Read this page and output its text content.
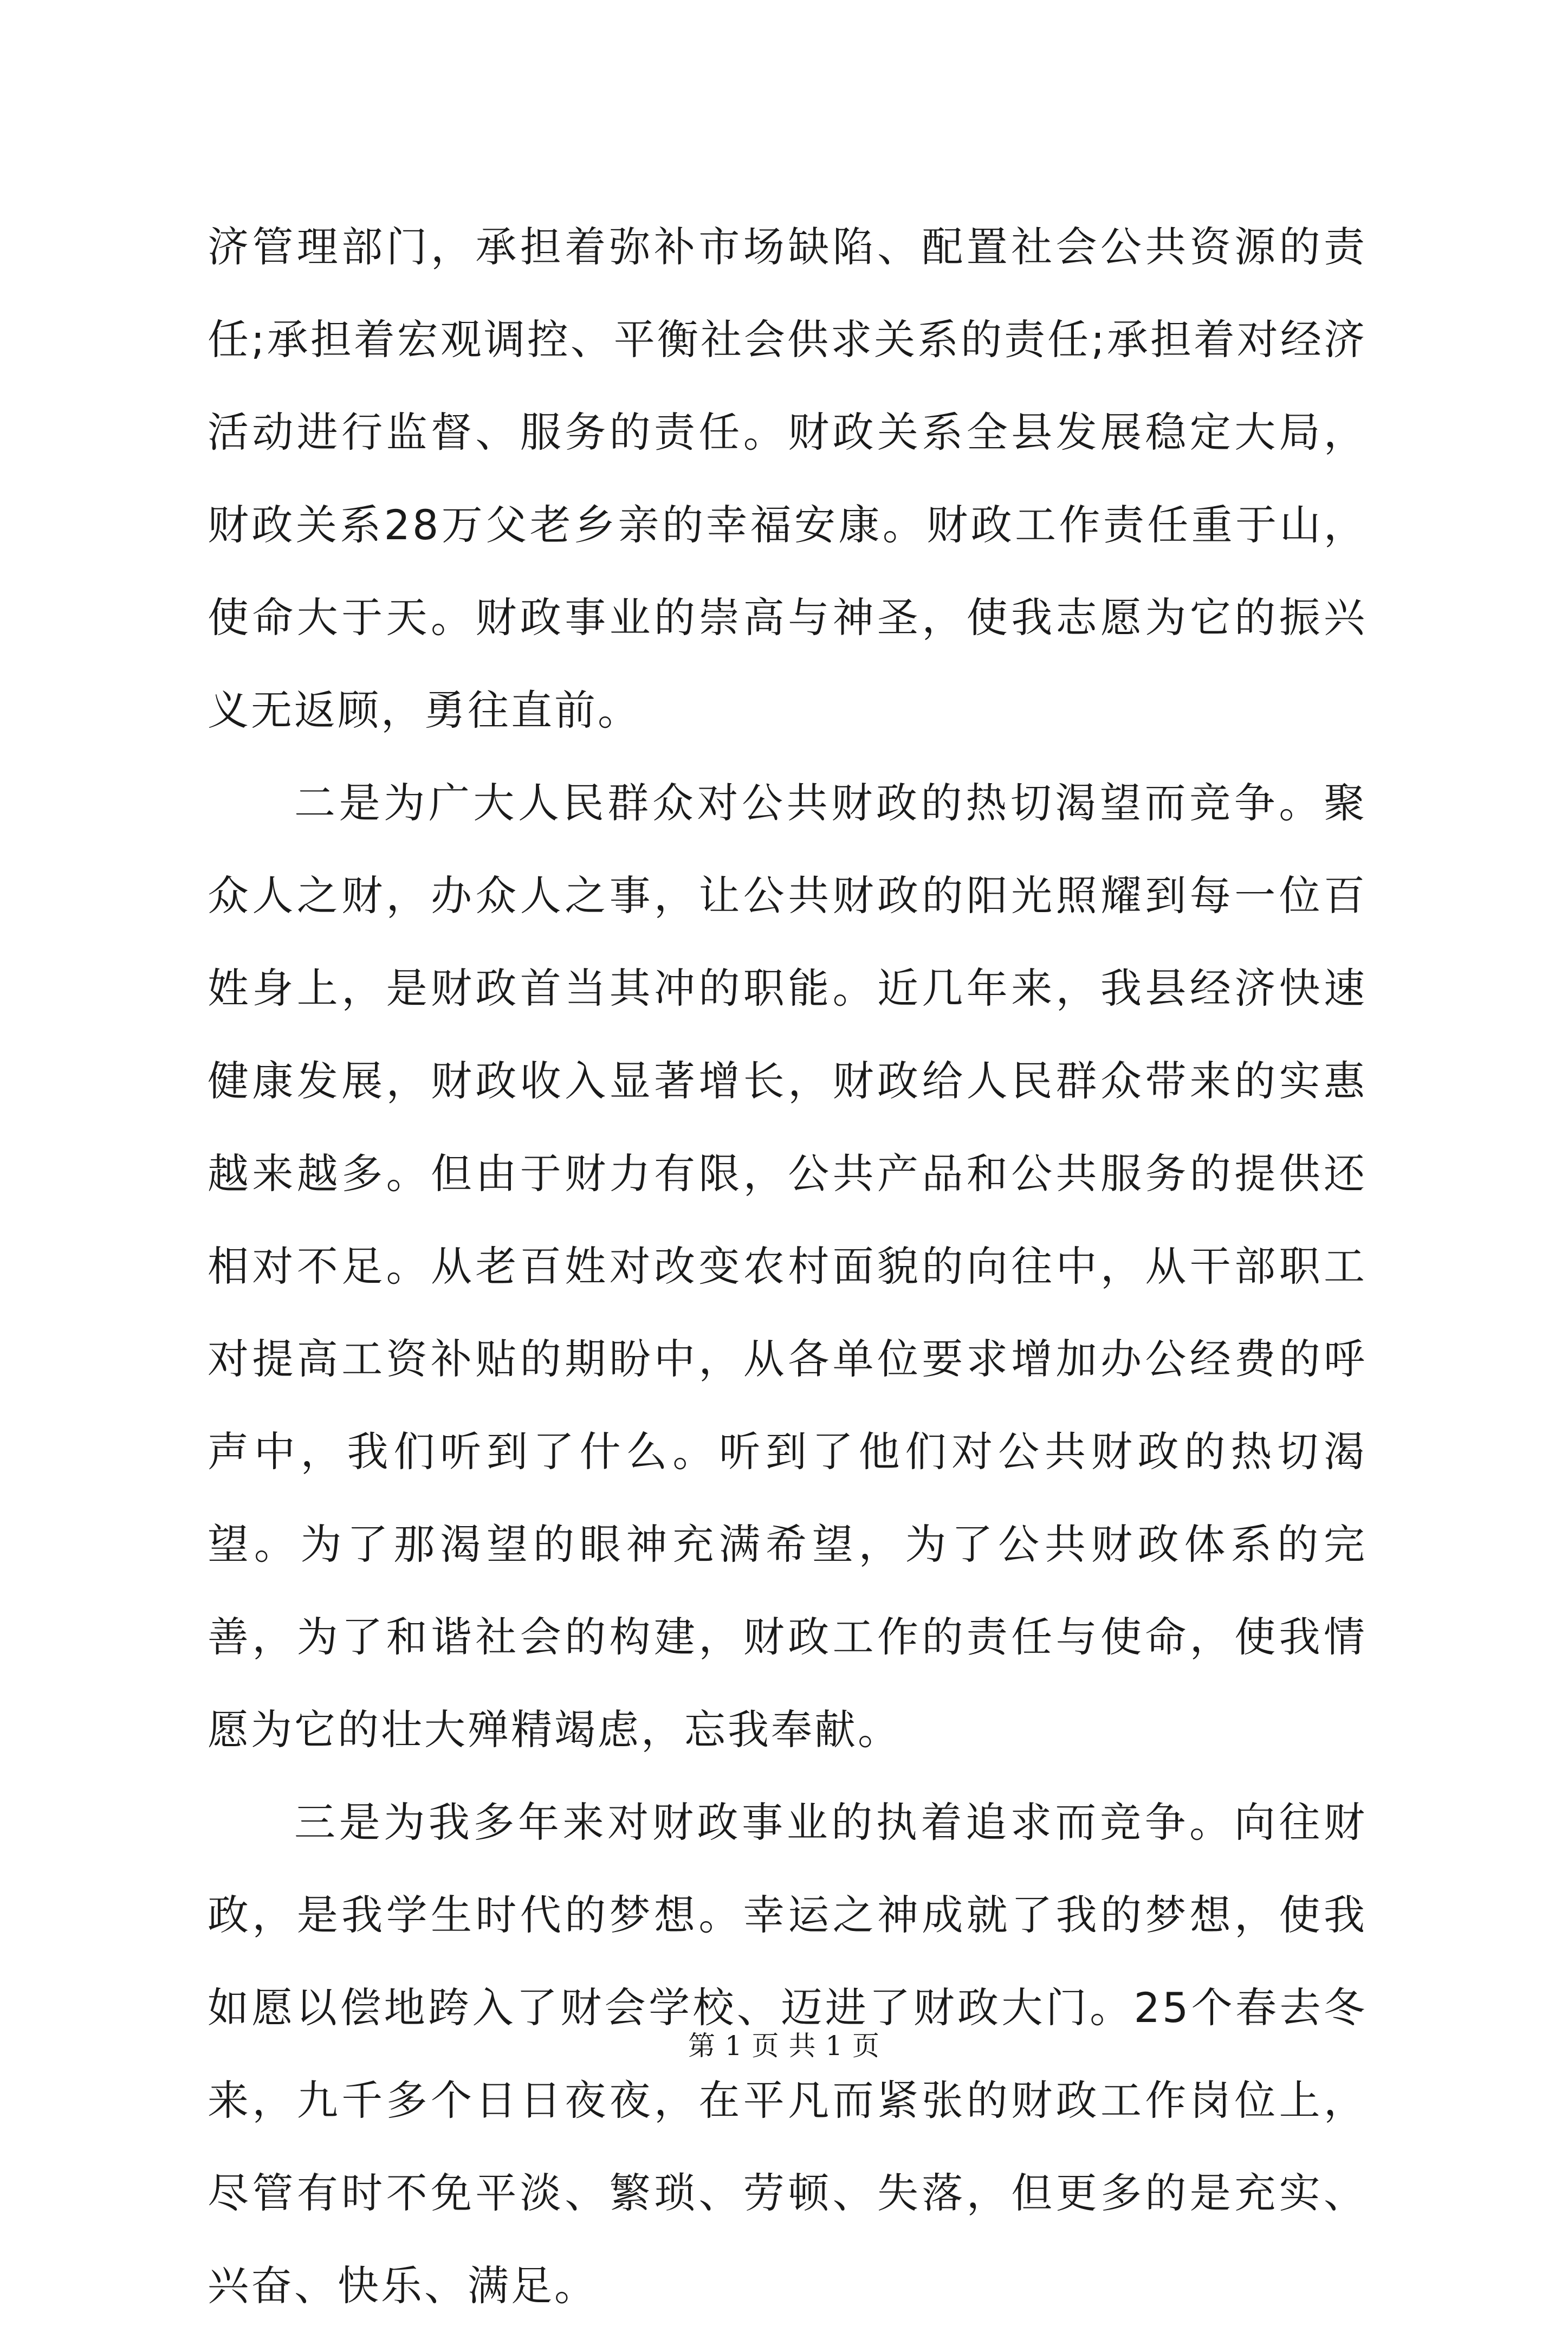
济管理部门，承担着弥补市场缺陷、配置社会公共资源的责任;承担着宏观调控、平衡社会供求关系的责任;承担着对经济活动进行监督、服务的责任。财政关系全县发展稳定大局，财政关系28万父老乡亲的幸福安康。财政工作责任重于山，使命大于天。财政事业的崇高与神圣，使我志愿为它的振兴义无返顾，勇往直前。

二是为广大人民群众对公共财政的热切渴望而竞争。聚众人之财，办众人之事，让公共财政的阳光照耀到每一位百姓身上，是财政首当其冲的职能。近几年来，我县经济快速健康发展，财政收入显著增长，财政给人民群众带来的实惠越来越多。但由于财力有限，公共产品和公共服务的提供还相对不足。从老百姓对改变农村面貌的向往中，从干部职工对提高工资补贴的期盼中，从各单位要求增加办公经费的呼声中，我们听到了什么。听到了他们对公共财政的热切渴望。为了那渴望的眼神充满希望，为了公共财政体系的完善，为了和谐社会的构建，财政工作的责任与使命，使我情愿为它的壮大殚精竭虑，忘我奉献。

三是为我多年来对财政事业的执着追求而竞争。向往财政，是我学生时代的梦想。幸运之神成就了我的梦想，使我如愿以偿地跨入了财会学校、迈进了财政大门。25个春去冬来，九千多个日日夜夜，在平凡而紧张的财政工作岗位上，尽管有时不免平淡、繁琐、劳顿、失落，但更多的是充实、兴奋、快乐、满足。

第 1 页 共 1 页
